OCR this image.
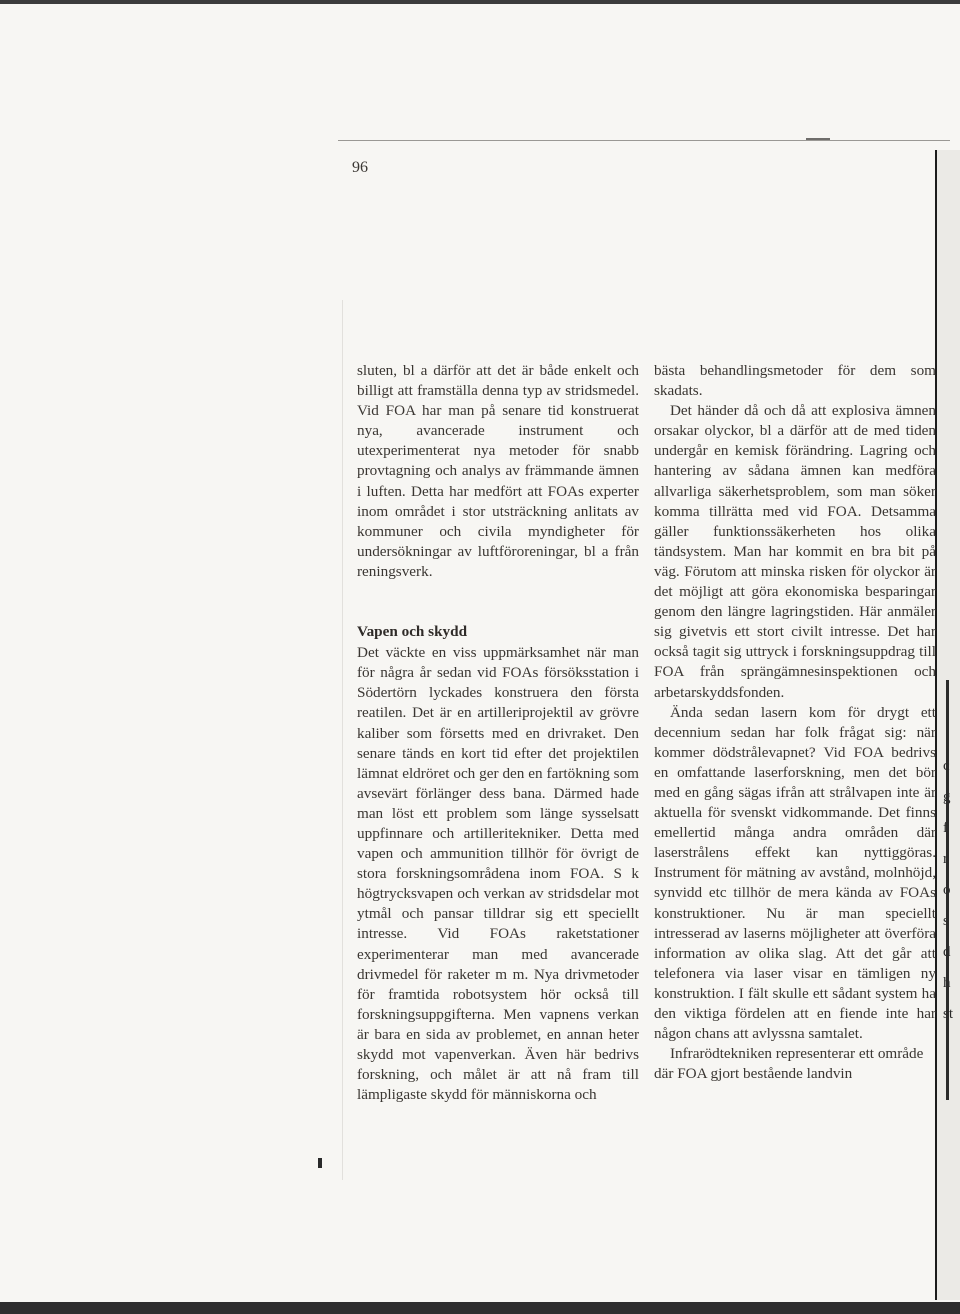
c
g
f
r
o
s
d
h
st
96

sluten, bl a därför att det är både enkelt och billigt att framställa denna typ av stridsmedel. Vid FOA har man på senare tid konstruerat nya, avancerade instrument och utexperimenterat nya metoder för snabb provtagning och analys av främmande ämnen i luften. Detta har medfört att FOAs experter inom området i stor utsträckning anlitats av kommuner och civila myndigheter för undersökningar av luftföroreningar, bl a från reningsverk.

Vapen och skydd

Det väckte en viss uppmärksamhet när man för några år sedan vid FOAs försöksstation i Södertörn lyckades konstruera den första reatilen. Det är en artilleriprojektil av grövre kaliber som försetts med en drivraket. Den senare tänds en kort tid efter det projektilen lämnat eldröret och ger den en fartökning som avsevärt förlänger dess bana. Därmed hade man löst ett problem som länge sysselsatt uppfinnare och artilleritekniker. Detta med vapen och ammunition tillhör för övrigt de stora forskningsområdena inom FOA. S k högtrycksvapen och verkan av stridsdelar mot ytmål och pansar tilldrar sig ett speciellt intresse. Vid FOAs raketstationer experimenterar man med avancerade drivmedel för raketer m m. Nya drivmetoder för framtida robotsystem hör också till forskningsuppgifterna. Men vapnens verkan är bara en sida av problemet, en annan heter skydd mot vapenverkan. Även här bedrivs forskning, och målet är att nå fram till lämpligaste skydd för människorna och

bästa behandlingsmetoder för dem som skadats.

Det händer då och då att explosiva ämnen orsakar olyckor, bl a därför att de med tiden undergår en kemisk förändring. Lagring och hantering av sådana ämnen kan medföra allvarliga säkerhetsproblem, som man söker komma tillrätta med vid FOA. Detsamma gäller funktionssäkerheten hos olika tändsystem. Man har kommit en bra bit på väg. Förutom att minska risken för olyckor är det möjligt att göra ekonomiska besparingar genom den längre lagringstiden. Här anmäler sig givetvis ett stort civilt intresse. Det har också tagit sig uttryck i forskningsuppdrag till FOA från sprängämnesinspektionen och arbetarskyddsfonden.

Ända sedan lasern kom för drygt ett decennium sedan har folk frågat sig: när kommer dödstrålevapnet? Vid FOA bedrivs en omfattande laserforskning, men det bör med en gång sägas ifrån att strålvapen inte är aktuella för svenskt vidkommande. Det finns emellertid många andra områden där laserstrålens effekt kan nyttiggöras. Instrument för mätning av avstånd, molnhöjd, synvidd etc tillhör de mera kända av FOAs konstruktioner. Nu är man speciellt intresserad av laserns möjligheter att överföra information av olika slag. Att det går att telefonera via laser visar en tämligen ny konstruktion. I fält skulle ett sådant system ha den viktiga fördelen att en fiende inte har någon chans att avlyssna samtalet.

Infrarödtekniken representerar ett område där FOA gjort bestående landvin
